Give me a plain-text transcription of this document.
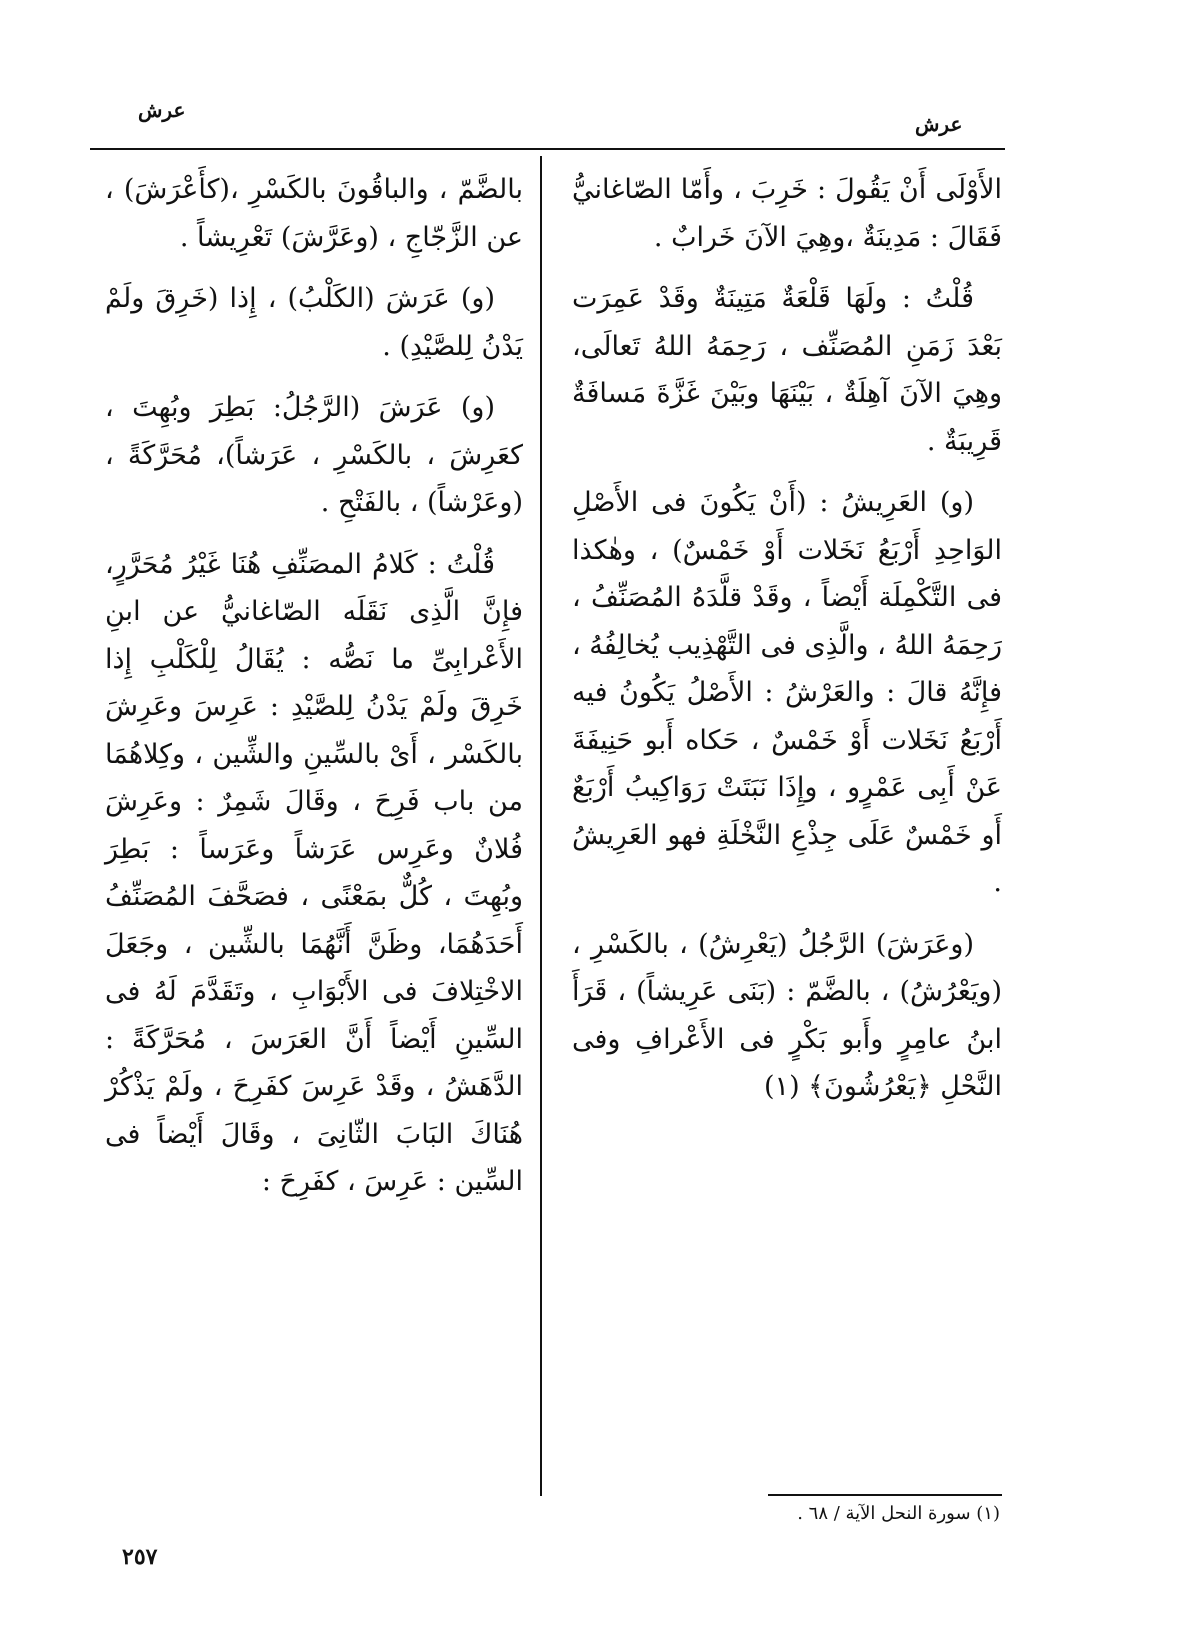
عرش
عرش

الأَوْلَى أَنْ يَقُولَ : خَرِبَ ، وأَمّا الصّاغانيُّ فَقَالَ : مَدِينَةٌ ،وهِيَ الآنَ خَرابٌ .

قُلْتُ : ولَهَا قَلْعَةٌ مَتِينَةٌ وقَدْ عَمِرَت بَعْدَ زَمَنِ المُصَنِّف ، رَحِمَهُ اللهُ تَعالَى، وهِيَ الآنَ آهِلَةٌ ، بَيْنَهَا وبَيْنَ غَزَّةَ مَسافَةٌ قَرِيبَةٌ .

(و) العَرِيشُ : (أَنْ يَكُونَ فى الأَصْلِ الوَاحِدِ أَرْبَعُ نَخَلات أَوْ خَمْسٌ) ، وهٰكذا فى التَّكْمِلَة أَيْضاً ، وقَدْ قلَّدَهُ المُصَنِّفُ ، رَحِمَهُ اللهُ ، والَّذِى فى التَّهْذِيب يُخالِفُهُ ، فإِنَّهُ قالَ : والعَرْشُ : الأَصْلُ يَكُونُ فيه أَرْبَعُ نَخَلات أَوْ خَمْسٌ ، حَكاه أَبو حَنِيفَةَ عَنْ أَبِى عَمْرٍو ، وإِذَا نَبَتَتْ رَوَاكِيبُ أَرْبَعٌ أَو خَمْسٌ عَلَى جِذْعِ النَّخْلَةِ فهو العَرِيشُ .

(وعَرَشَ) الرَّجُلُ (يَعْرِشُ) ، بالكَسْرِ ، (ويَعْرُشُ) ، بالضَّمّ : (بَنَى عَرِيشاً) ، قَرَأَ ابنُ عامِرٍ وأَبو بَكْرٍ فى الأَعْرافِ وفى النَّحْلِ ﴿يَعْرُشُونَ﴾ (١)

بالضَّمّ ، والباقُونَ بالكَسْرِ ،(كأَعْرَشَ) ، عن الزَّجّاجِ ، (وعَرَّشَ) تَعْرِيشاً .

(و) عَرَشَ (الكَلْبُ) ، إِذا (خَرِقَ ولَمْ يَدْنُ لِلصَّيْدِ) .

(و) عَرَشَ (الرَّجُلُ: بَطِرَ وبُهِتَ ، كعَرِشَ ، بالكَسْرِ ، عَرَشاً)، مُحَرَّكَةً ، (وعَرْشاً) ، بالفَتْحِ .

قُلْتُ : كَلامُ المصَنِّفِ هُنَا غَيْرُ مُحَرَّرٍ، فإِنَّ الَّذِى نَقَلَه الصّاغانيُّ عن ابنِ الأَعْرابِىِّ ما نَصُّه : يُقَالُ لِلْكَلْبِ إِذا خَرِقَ ولَمْ يَدْنُ لِلصَّيْدِ : عَرِسَ وعَرِشَ بالكَسْر ، أَىْ بالسِّينِ والشِّين ، وكِلاهُمَا من باب فَرِحَ ، وقَالَ شَمِرٌ : وعَرِشَ فُلانٌ وعَرِس عَرَشاً وعَرَساً : بَطِرَ وبُهِتَ ، كُلٌّ بمَعْنًى ، فصَحَّفَ المُصَنِّفُ أَحَدَهُمَا، وظَنَّ أَنَّهُمَا بالشِّين ، وجَعَلَ الاخْتِلافَ فى الأَبْوَابِ ، وتَقَدَّمَ لَهُ فى السِّينِ أَيْضاً أَنَّ العَرَسَ ، مُحَرَّكَةً : الدَّهَشُ ، وقَدْ عَرِسَ كفَرِحَ ، ولَمْ يَذْكُرْ هُنَاكَ البَابَ الثّانِىَ ، وقَالَ أَيْضاً فى السِّين : عَرِسَ ، كفَرِحَ :

(١) سورة النحل الآية / ٦٨ .
٢٥٧
